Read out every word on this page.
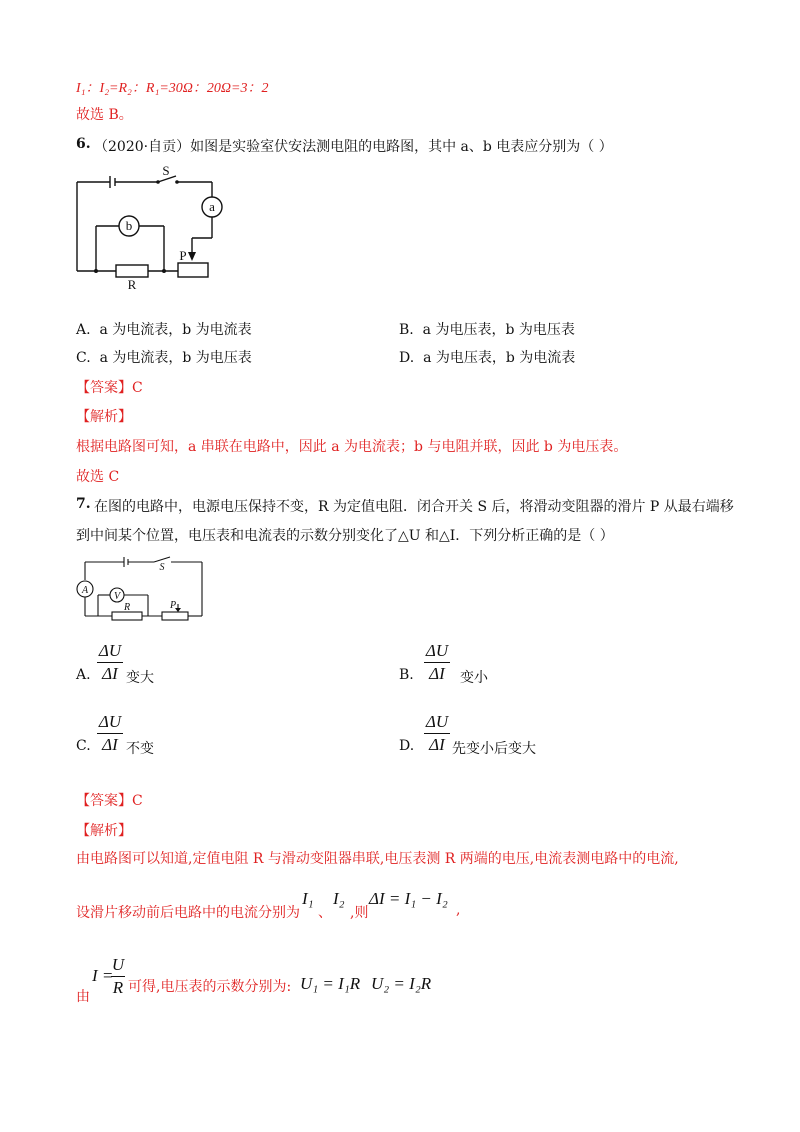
I₁：I₂=R₂：R₁=30Ω：20Ω=3：2
故选 B。
6. （2020·自贡）如图是实验室伏安法测电阻的电路图，其中 a、b 电表应分别为（ ）
S
a
b
R
P
A. a 为电流表，b 为电流表	B. a 为电压表，b 为电压表
C. a 为电流表，b 为电压表	D. a 为电压表，b 为电流表
【答案】C
【解析】
根据电路图可知，a 串联在电路中，因此 a 为电流表；b 与电阻并联，因此 b 为电压表。
故选 C
7. 在图的电路中，电源电压保持不变，R 为定值电阻．闭合开关 S 后，将滑动变阻器的滑片 P 从最右端移
到中间某个位置，电压表和电流表的示数分别变化了△U 和△I．下列分析正确的是（ ）
A
V
S
R	P
A.
ΔU
ΔI 变大	B.
ΔU
ΔI	变小
C.
ΔU
ΔI 不变	D.
ΔU
ΔI 先变小后变大
【答案】C
【解析】
由电路图可以知道,定值电阻 R 与滑动变阻器串联,电压表测 R 两端的电压,电流表测电路中的电流,
设滑片移动前后电路中的电流分别为
I₁
、
I₂
,则
ΔI = I₁ − I₂
,
由
I =
U
R 可得,电压表的示数分别为: U₁ = I₁R U₂ = I₂R
